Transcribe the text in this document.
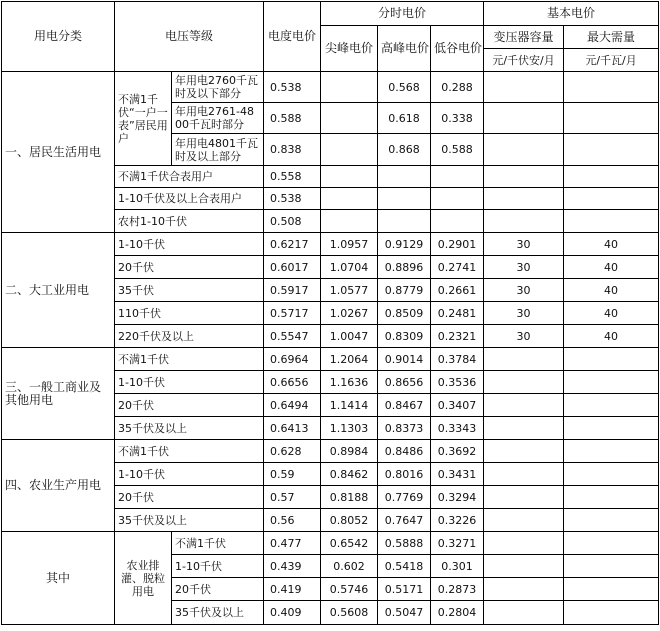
用电分类	电压等级		电度电价	分时电价			基本电价	
				尖峰电价	高峰电价	低谷电价	变压器容量	最大需量
							元/千伏安/月	元/千瓦/月
一、居民生活用电	不满1千伏“一户一表”居民用户	年用电2760千瓦时及以下部分	0.538		0.568	0.288		
		年用电2761-4800千瓦时部分	0.588		0.618	0.338		
		年用电4801千瓦时及以上部分	0.838		0.868	0.588		
	不满1千伏合表用户		0.558					
	1-10千伏及以上合表用户		0.538					
	农村1-10千伏		0.508					
二、大工业用电	1-10千伏		0.6217	1.0957	0.9129	0.2901	30	40
	20千伏		0.6017	1.0704	0.8896	0.2741	30	40
	35千伏		0.5917	1.0577	0.8779	0.2661	30	40
	110千伏		0.5717	1.0267	0.8509	0.2481	30	40
	220千伏及以上		0.5547	1.0047	0.8309	0.2321	30	40
三、一般工商业及其他用电	不满1千伏		0.6964	1.2064	0.9014	0.3784		
	1-10千伏		0.6656	1.1636	0.8656	0.3536		
	20千伏		0.6494	1.1414	0.8467	0.3407		
	35千伏及以上		0.6413	1.1303	0.8373	0.3343		
四、农业生产用电	不满1千伏		0.628	0.8984	0.8486	0.3692		
	1-10千伏		0.59	0.8462	0.8016	0.3431		
	20千伏		0.57	0.8188	0.7769	0.3294		
	35千伏及以上		0.56	0.8052	0.7647	0.3226		
其中	农业排灌、脱粒用电	不满1千伏	0.477	0.6542	0.5888	0.3271		
		1-10千伏	0.439	0.602	0.5418	0.301		
		20千伏	0.419	0.5746	0.5171	0.2873		
		35千伏及以上	0.409	0.5608	0.5047	0.2804		
